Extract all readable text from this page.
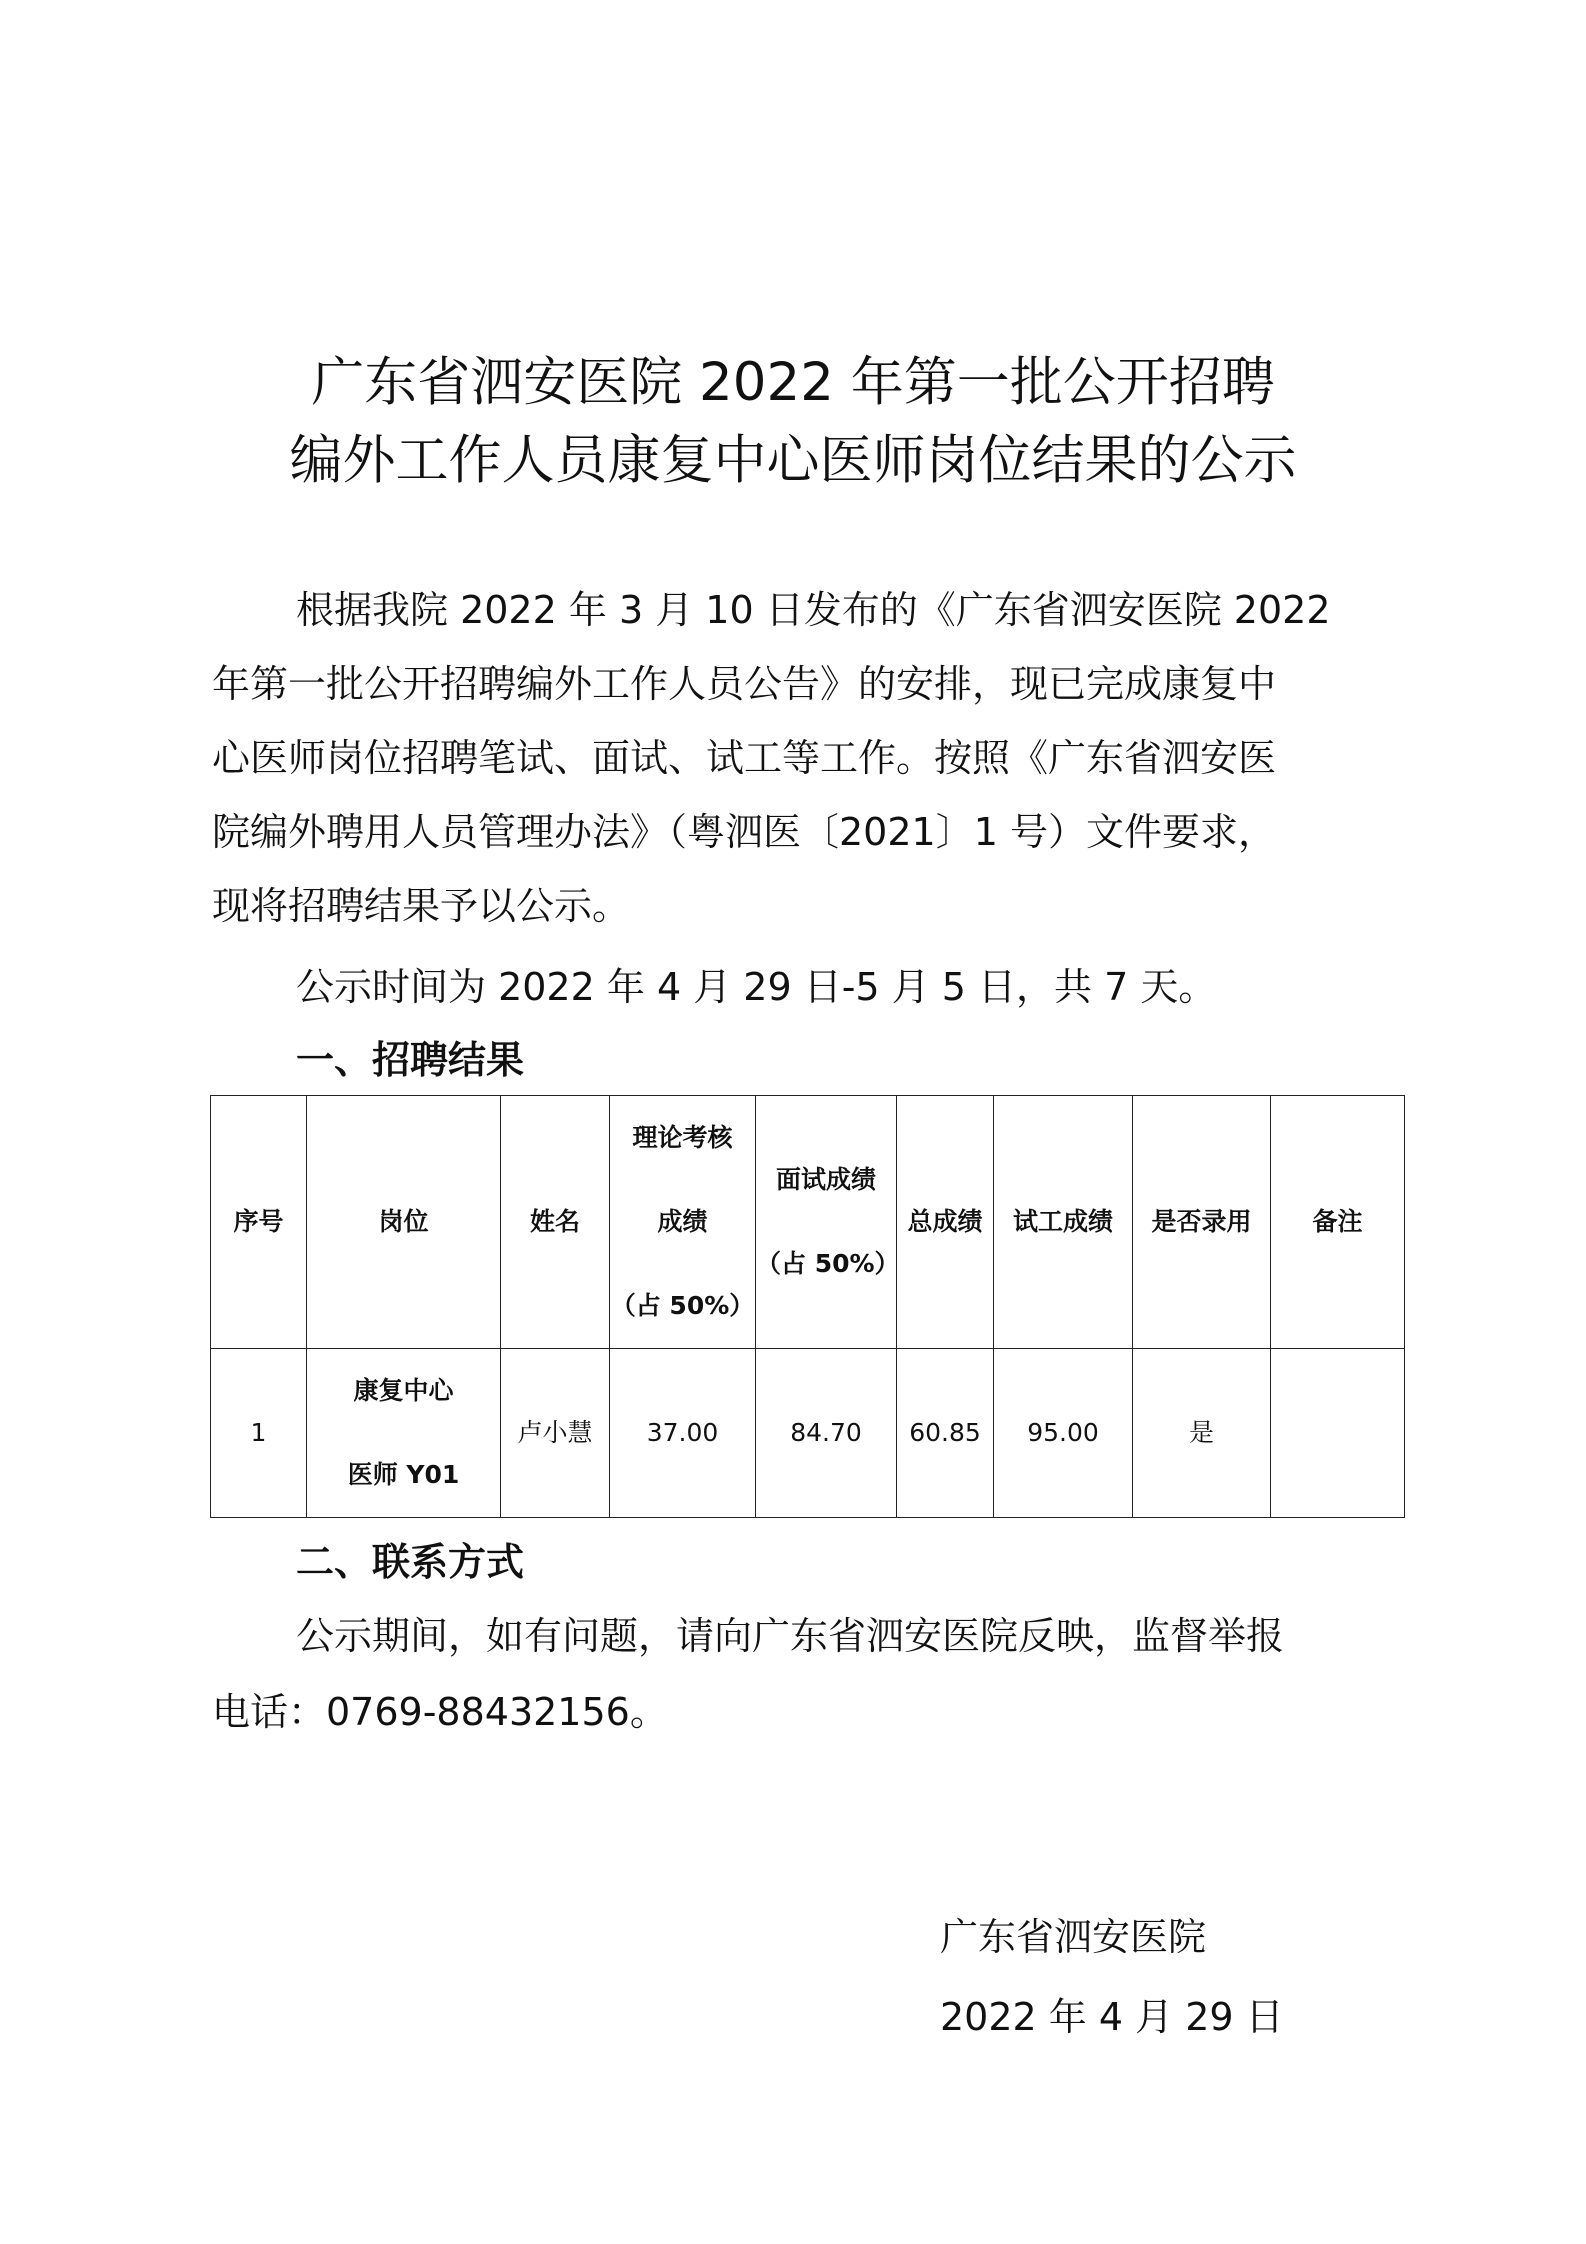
广东省泗安医院 2022 年第一批公开招聘
编外工作人员康复中心医师岗位结果的公示

根据我院 2022 年 3 月 10 日发布的《广东省泗安医院 2022

年第一批公开招聘编外工作人员公告》的安排，现已完成康复中

心医师岗位招聘笔试、面试、试工等工作。按照《广东省泗安医

院编外聘用人员管理办法》（粤泗医〔2021〕1 号）文件要求，

现将招聘结果予以公示。

公示时间为 2022 年 4 月 29 日-5 月 5 日，共 7 天。

一、招聘结果

序号	岗位	姓名	理论考核
成绩
（占 50%）	面试成绩
（占 50%）	总成绩	试工成绩	是否录用	备注
1	康复中心
医师 Y01	卢小慧	37.00	84.70	60.85	95.00	是	

二、联系方式

公示期间，如有问题，请向广东省泗安医院反映，监督举报

电话：0769-88432156。

广东省泗安医院

2022 年 4 月 29 日
